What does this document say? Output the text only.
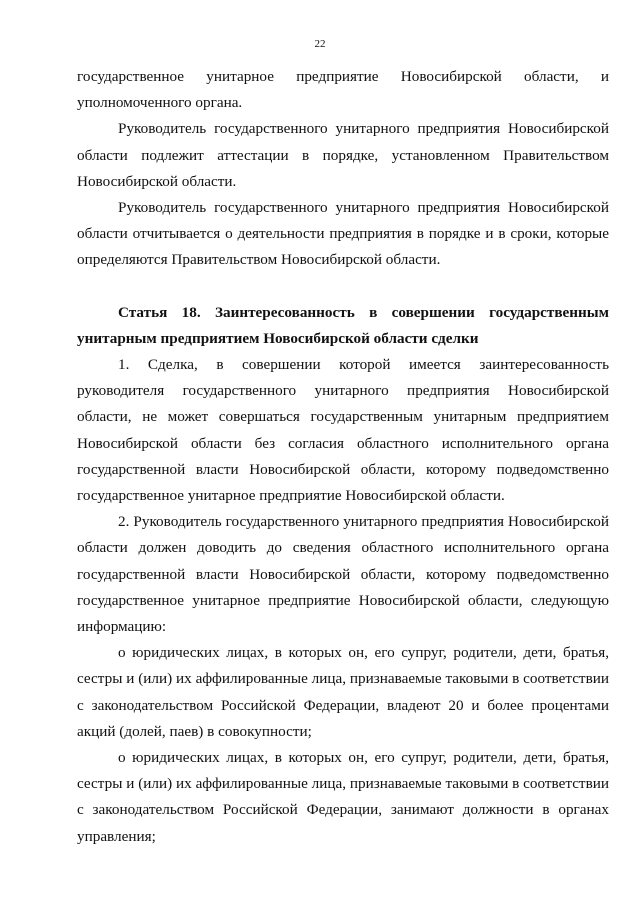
22

государственное унитарное предприятие Новосибирской области, и уполномоченного органа.

Руководитель государственного унитарного предприятия Новосибирской области подлежит аттестации в порядке, установленном Правительством Новосибирской области.

Руководитель государственного унитарного предприятия Новосибирской области отчитывается о деятельности предприятия в порядке и в сроки, которые определяются Правительством Новосибирской области.

Статья 18. Заинтересованность в совершении государственным унитарным предприятием Новосибирской области сделки

1. Сделка, в совершении которой имеется заинтересованность руководителя государственного унитарного предприятия Новосибирской области, не может совершаться государственным унитарным предприятием Новосибирской области без согласия областного исполнительного органа государственной власти Новосибирской области, которому подведомственно государственное унитарное предприятие Новосибирской области.

2. Руководитель государственного унитарного предприятия Новосибирской области должен доводить до сведения областного исполнительного органа государственной власти Новосибирской области, которому подведомственно государственное унитарное предприятие Новосибирской области, следующую информацию:

о юридических лицах, в которых он, его супруг, родители, дети, братья, сестры и (или) их аффилированные лица, признаваемые таковыми в соответствии с законодательством Российской Федерации, владеют 20 и более процентами акций (долей, паев) в совокупности;

о юридических лицах, в которых он, его супруг, родители, дети, братья, сестры и (или) их аффилированные лица, признаваемые таковыми в соответствии с законодательством Российской Федерации, занимают должности в органах управления;
